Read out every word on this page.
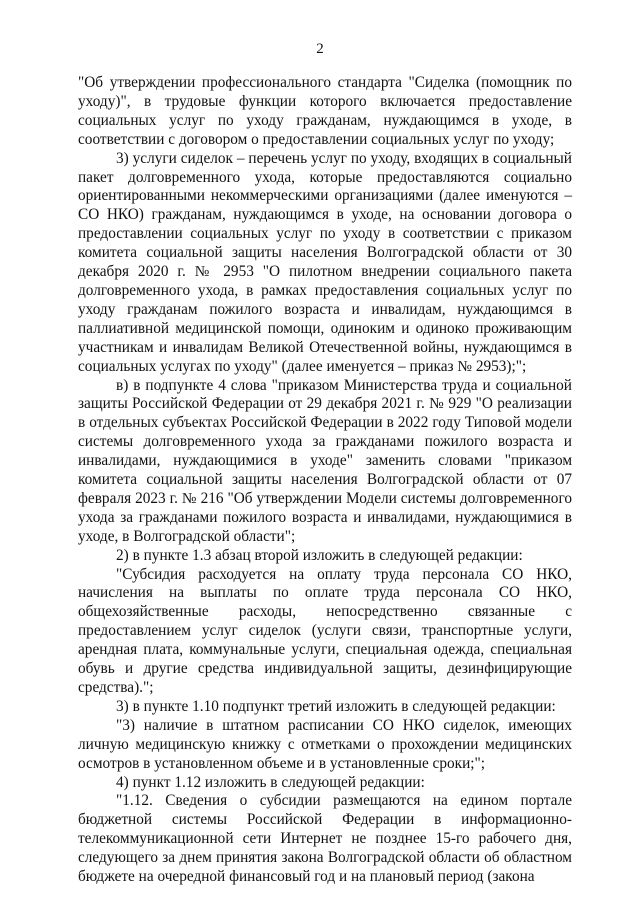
2

"Об утверждении профессионального стандарта "Сиделка (помощник по уходу)", в трудовые функции которого включается предоставление социальных услуг по уходу гражданам, нуждающимся в уходе, в соответствии с договором о предоставлении социальных услуг по уходу;

3) услуги сиделок – перечень услуг по уходу, входящих в социальный пакет долговременного ухода, которые предоставляются социально ориентированными некоммерческими организациями (далее именуются – СО НКО) гражданам, нуждающимся в уходе, на основании договора о предоставлении социальных услуг по уходу в соответствии с приказом комитета социальной защиты населения Волгоградской области от 30 декабря 2020 г. № 2953 "О пилотном внедрении социального пакета долговременного ухода, в рамках предоставления социальных услуг по уходу гражданам пожилого возраста и инвалидам, нуждающимся в паллиативной медицинской помощи, одиноким и одиноко проживающим участникам и инвалидам Великой Отечественной войны, нуждающимся в социальных услугах по уходу" (далее именуется – приказ № 2953);";

в) в подпункте 4 слова "приказом Министерства труда и социальной защиты Российской Федерации от 29 декабря 2021 г. № 929 "О реализации в отдельных субъектах Российской Федерации в 2022 году Типовой модели системы долговременного ухода за гражданами пожилого возраста и инвалидами, нуждающимися в уходе" заменить словами "приказом комитета социальной защиты населения Волгоградской области от 07 февраля 2023 г. № 216 "Об утверждении Модели системы долговременного ухода за гражданами пожилого возраста и инвалидами, нуждающимися в уходе, в Волгоградской области";

2) в пункте 1.3 абзац второй изложить в следующей редакции:

"Субсидия расходуется на оплату труда персонала СО НКО, начисления на выплаты по оплате труда персонала СО НКО, общехозяйственные расходы, непосредственно связанные с предоставлением услуг сиделок (услуги связи, транспортные услуги, арендная плата, коммунальные услуги, специальная одежда, специальная обувь и другие средства индивидуальной защиты, дезинфицирующие средства).";

3) в пункте 1.10 подпункт третий изложить в следующей редакции:

"3) наличие в штатном расписании СО НКО сиделок, имеющих личную медицинскую книжку с отметками о прохождении медицинских осмотров в установленном объеме и в установленные сроки;";

4) пункт 1.12 изложить в следующей редакции:

"1.12. Сведения о субсидии размещаются на едином портале бюджетной системы Российской Федерации в информационно-телекоммуникационной сети Интернет не позднее 15-го рабочего дня, следующего за днем принятия закона Волгоградской области об областном бюджете на очередной финансовый год и на плановый период (закона
